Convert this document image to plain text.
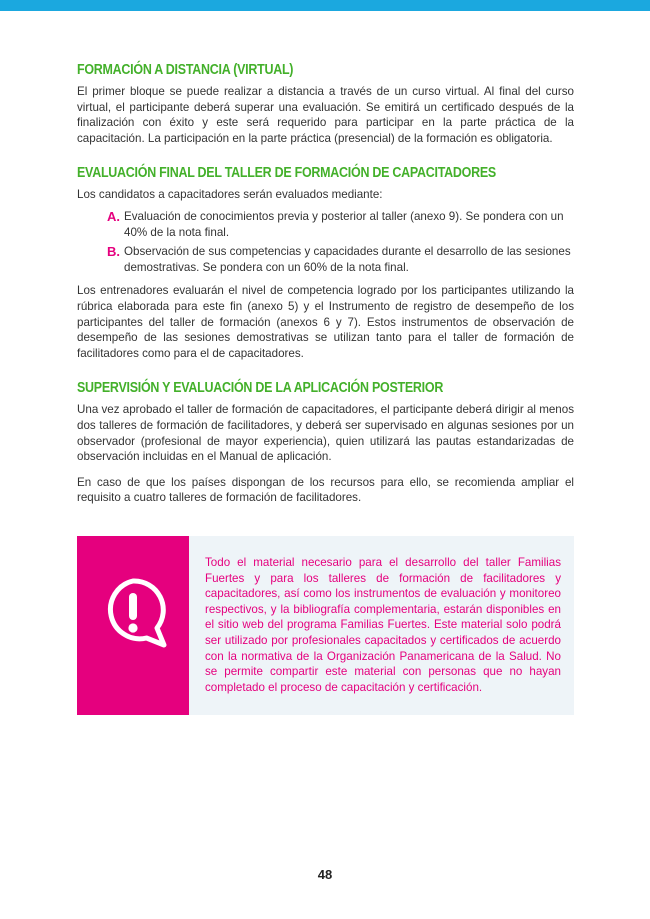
FORMACIÓN A DISTANCIA (VIRTUAL)

El primer bloque se puede realizar a distancia a través de un curso virtual. Al final del curso virtual, el participante deberá superar una evaluación. Se emitirá un certificado después de la finalización con éxito y este será requerido para participar en la parte práctica de la capacitación. La participación en la parte práctica (presencial) de la formación es obligatoria.

EVALUACIÓN FINAL DEL TALLER DE FORMACIÓN DE CAPACITADORES

Los candidatos a capacitadores serán evaluados mediante:

A. Evaluación de conocimientos previa y posterior al taller (anexo 9). Se pondera con un 40% de la nota final.

B. Observación de sus competencias y capacidades durante el desarrollo de las sesiones demostrativas. Se pondera con un 60% de la nota final.

Los entrenadores evaluarán el nivel de competencia logrado por los participantes utilizando la rúbrica elaborada para este fin (anexo 5) y el Instrumento de registro de desempeño de los participantes del taller de formación (anexos 6 y 7). Estos instrumentos de observación de desempeño de las sesiones demostrativas se utilizan tanto para el taller de formación de facilitadores como para el de capacitadores.

SUPERVISIÓN Y EVALUACIÓN DE LA APLICACIÓN POSTERIOR

Una vez aprobado el taller de formación de capacitadores, el participante deberá dirigir al menos dos talleres de formación de facilitadores, y deberá ser supervisado en algunas sesiones por un observador (profesional de mayor experiencia), quien utilizará las pautas estandarizadas de observación incluidas en el Manual de aplicación.

En caso de que los países dispongan de los recursos para ello, se recomienda ampliar el requisito a cuatro talleres de formación de facilitadores.

Todo el material necesario para el desarrollo del taller Familias Fuertes y para los talleres de formación de facilitadores y capacitadores, así como los instrumentos de evaluación y monitoreo respectivos, y la bibliografía complementaria, estarán disponibles en el sitio web del programa Familias Fuertes. Este material solo podrá ser utilizado por profesionales capacitados y certificados de acuerdo con la normativa de la Organización Panamericana de la Salud. No se permite compartir este material con personas que no hayan completado el proceso de capacitación y certificación.

48
